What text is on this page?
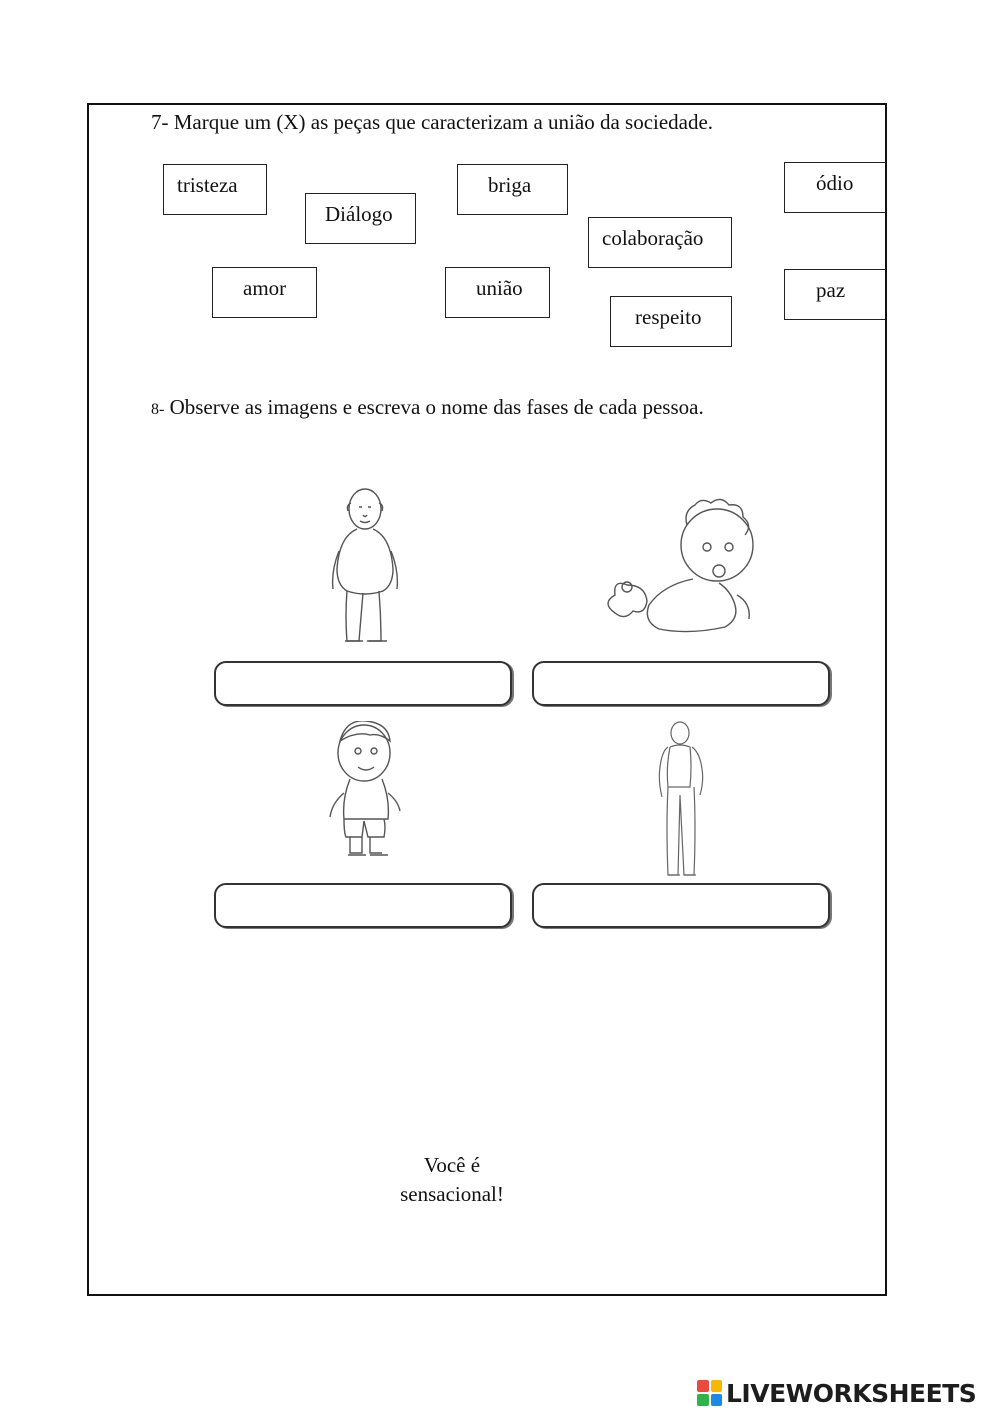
7- Marque um (X) as peças que caracterizam a união da sociedade.
tristeza
Diálogo
briga	ódio
colaboração
amor	união
respeito
paz
8- Observe as imagens e escreva o nome das fases de cada pessoa.
Você é
sensacional!
LIVEWORKSHEETS
